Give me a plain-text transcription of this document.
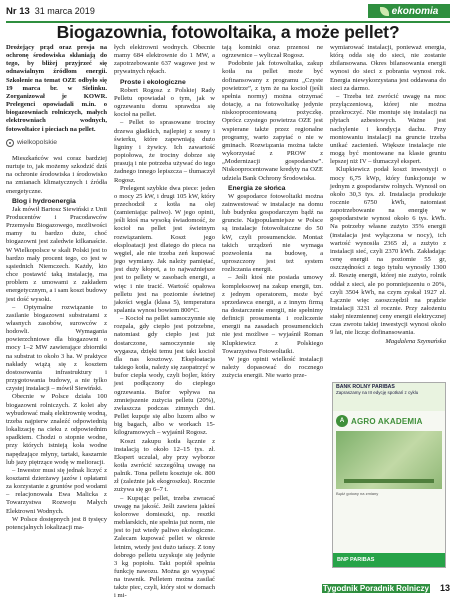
Nr 13 31 marca 2019	ekonomia
Biogazownia, fotowoltaika, a może pellet?

Drożejący prąd oraz presja na ochronę środowiska skłaniają do tego, by bliżej przyjrzeć się odnawialnym źródłom energii. Szkolenie na temat OZE odbyło się 19 marca br. w Sielinku. Zorganizował je KOWR. Prelegenci opowiadali m.in. o biogazowniach rolniczych, małych elektrowniach wodnych, fotowoltaice i pieciach na pellet.

wielkopolskie

Mieszkańców wsi coraz bardziej nurtuje to, jak możemy szkodzić dziś na ochronie środowiska i środowisko na zmianach klimatycznych i źródła energetyczne.

Blog i hydroenergia

Jak mówił Bartosz Siewiński z Unii Producentów i Pracodawców Przemysłu Biogazowego, możliwości mamy tu bardzo duże, choć biogazowni jest zaledwie kilkanaście. W Wielkopolsce w skali Polski jest to bardzo mały procent tego, co jest w sąsiednich Niemczech. Każdy, kto chce postawić taką instalację, ma problem z umowami z zakładem energetycznym, a i sam koszt budowy jest dość wysoki.

– Optymalne rozwiązanie to zasilanie biogazowni substratami z własnych zasobów, surowców z hodowli. Wymagania powierzchniowe dla biogazowni o mocy 1–2 MW zawierające zbiorniki na substrat to około 3 ha. W praktyce nakłady wiążą się z kosztem dostosowania infrastruktury i przygotowania budowy, a nie tylko czystej instalacji – mówił Siewiński.

Obecnie w Polsce działa 100 biogazowni rolniczych. Z kolei aby wybudować małą elektrownię wodną, trzeba najpierw znaleźć odpowiednią lokalizację na cieku z odpowiednim spadkiem. Chodzi o stopnie wodne, przy których istnieją koła wodne napędzające młyny, tartaki, kaszarnie lub jazy piętrzące wodę w melioracji.

– Inwestor musi się jednak liczyć z kosztami dzierżawy jazów i opłatami za korzystanie z gruntów pod wodami – relacjonowała Ewa Malicka z Towarzystwa Rozwoju Małych Elektrowni Wodnych.

W Polsce dostępnych jest 8 tysięcy potencjalnych lokalizacji ma-

łych elektrowni wodnych. Obecnie mamy 684 elektrownie do 1 MW, a zapotrzebowanie 637 wagowe jest w prywatnych rękach.

Proste i ekologiczne

Robert Rogosz z Polskiej Rady Pelletu opowiadał o tym, jak w ogrzewaniu domu sprawdza się kocioł na pellet.

– Pellet to sprasowane trociny drzewa gładkich, najlepiej z sosny i świerku, które zapewniają dużo ligniny i żywicy. Ich zawartość popiołowa, że trociny dobrze się prasują i nie potrzeba używać do tego żadnego innego lepiszcza – tłumaczył Rogosz.

Prelegent szybkie dwa piece: jeden o mocy 25 kW, i drugi 105 kW, który przechodził z kotła na olej (zamieniając paliwo). W jego opinii, jeśli ktoś ma wysoką świadomość, że kocioł na pellet jest świetnym rozwiązaniem. Koszt jego eksploatacji jest dlatego do pieca na węgiel, ale nie trzeba zeń kupować jego wymiany. Jak należy pamiętać, jest duży kłopot, a to najważniejsze jest to pellety w zasobach energii, a więc i nie tracić. Wartość opałowa pelletu jest na poziomie świetnej jakości węgla (klasa 5), temperatura spalania wynosi bowiem 800°C.

– Kocioł na pellet samoczynnie się rozpala, gdy ciepło jest potrzebne, natomiast gdy ciepło jest już dostarczone, samoczynnie się wygasza, dzięki temu jest taki kocioł dla nas kosztowy. Eksploatacja takiego kotła, należy się zaopatrzyć w bufor ciepła wody, czyli bojler, który jest podłączony do ciepłego ogrzewania. Bufor wpływa na zmniejszenie zużycia pelletu (20%), zwłaszcza podczas zimnych dni. Pellet kupuje się albo luzem albo w big bagach, albo w workach 15-kilogramowych – wyjaśnił Rogosz.

Koszt zakupu kotła łącznie z instalacją to około 12–15 tys. zł. Ekspert uczulał, aby przy wyborze kotła zwrócić szczególną uwagę na palnik. Tona pelletu kosztuje ok. 800 zł (zależnie jak ekogroszku). Rocznie zużywa się go 6–7 t.

– Kupując pellet, trzeba zwracać uwagę na jakość. Jeśli zawiera jakieś kolorowe domieszki, np. resztki meblarskich, nie spełnia już norm, nie jest to już wtedy paliwo ekologiczne. Zalecam kupować pellet w okresie letnim, wtedy jest dużo tańszy. Z tony dobrego pelletu uzyskuje się jedynie 3 kg popiołu. Taki popiół spełnia funkcję nawozu. Można go wysypać na trawnik. Pelletem można zasilać także piec, czyli, który stoi w domach i mi-

tają kominki oraz przenosi ne ogrzewnice – wyliczał Rogosz.

Podobnie jak fotowoltaika, zakup kotła na pellet może być dofinansowany z programu „Czyste powietrze”, z tym że na kocioł (jeśli spełnia normy) można otrzymać dotację, a na fotowoltaikę jedynie niskooprocentowaną pożyczkę. Oprócz czystego powietrza OZE jest wspierane także przez regionalne programy, warto zapytać o nie w gminach. Rozwiązania można także wykorzystać z PROW z „Modernizacji gospodarstw”. Niskooprocentowane kredyty na OZE udziela Bank Ochrony Środowiska.

Energia ze słońca

W gospodarce fotowoltaiki można zainwestować w instalacje na domu lub budynku gospodarczym bądź na gruncie. Najpopularniejsze w Polsce są instalacje fotowoltaiczne do 50 kW, czyli prosumenckie. Montaż takich urządzeń nie wymaga pozwolenia na budowę, a uproszczony jest też system rozliczania energii.

– Jeśli ktoś nie posiada umowy kompleksowej na zakup energii, tzn. z jednym operatorem, może być sprzedawca energii, a z innym firmą na dostarczenie energii, nie spełnimy definicji prosumenta i rozliczenie energii na zasadach prosumenckich nie jest możliwe – wyjaśnił Roman Klupkiewicz z Polskiego Towarzystwa Fotowoltaiki.

W jego opinii wielkość instalacji należy dopasować do rocznego zużycia energii. Nie warto prze-

wymiarować instalacji, ponieważ energia, którą odda się do sieci, nie zostanie zbilansowana. Okres bilansowania energii wynosi do sieci z pobrania wynosi rok. Energia niewykorzystana jest oddawana do sieci za darmo.

– Trzeba też zwrócić uwagę na moc przyłączeniową, której nie można przekroczyć. Nie montuje się instalacji na płytach azbestowych. Ważne jest nachylenie i kondycja dachu. Przy montowaniu instalacji na gruncie trzeba unikać zacienień. Większe instalacje nie mogą być montowane na klasie gruntu lepszej niż IV – tłumaczył ekspert.

Klupkiewicz podał koszt inwestycji o mocy 6,75 kWp, który funkcjonuje w jednym z gospodarstw rolnych. Wynosił on około 30,3 tys. zł. Instalacja produkuje rocznie 6750 kWh, natomiast zapotrzebowanie na energię w gospodarstwie wynosi około 6 tys. kWh. Na potrzeby własne zużyto 35% energii (instalacja jest wyłączona w nocy), ich wartość wynosiła 2365 zł, a zużyto z instalacji sieć, czyli 2370 kWh. Zakładając cenę energii na poziomie 55 gr, oszczędności z tego tytułu wynosiły 1300 zł. Resztę energii, której nie zużyto, rolnik oddał z sieci, ale po pomniejszeniu o 20%, czyli 3504 kWh, na czym zyskał 1927 zł. Łącznie więc zaoszczędził na prądzie instalacji 3231 zł rocznie. Przy założeniu stałej niezmiennej ceny energii elektrycznej czas zwrotu takiej inwestycji wynosi około 9 lat, nie licząc dofinansowania.

Magdalena Szymańska

BANK ROLNY PARIBAS
Zapraszamy na III edycję spotkań z cyklu
A AGRO AKADEMIA
Bądź gotowy na zmiany
BNP PARIBAS
Tygodnik Poradnik Rolniczy 13
